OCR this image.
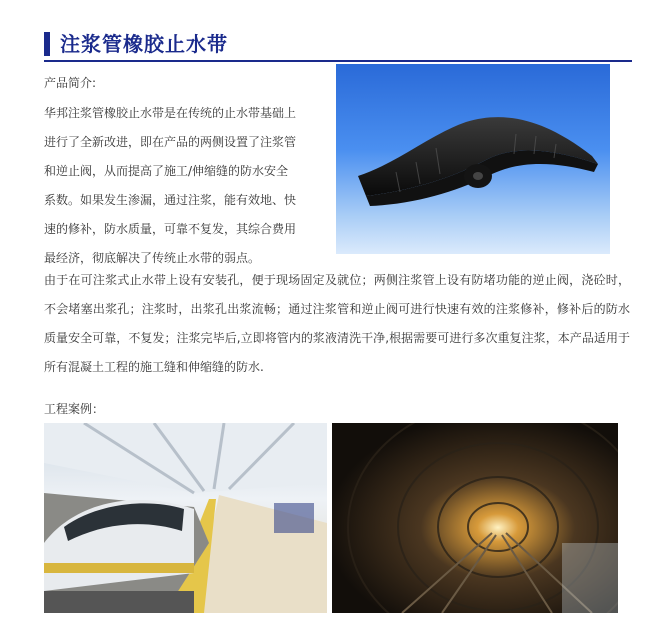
注浆管橡胶止水带
产品简介:
华邦注浆管橡胶止水带是在传统的止水带基础上
进行了全新改进，即在产品的两侧设置了注浆管
和逆止阀，从而提高了施工/伸缩缝的防水安全
系数。如果发生渗漏，通过注浆，能有效地、快
速的修补，防水质量，可靠不复发，其综合费用
最经济，彻底解决了传统止水带的弱点。
由于在可注浆式止水带上设有安装孔，便于现场固定及就位；两侧注浆管上设有防堵功能的逆止阀，浇砼时，不会堵塞出浆孔；注浆时，出浆孔出浆流畅；通过注浆管和逆止阀可进行快速有效的注浆修补，修补后的防水质量安全可靠，不复发；注浆完毕后,立即将管内的浆液清洗干净,根据需要可进行多次重复注浆，本产品适用于所有混凝土工程的施工缝和伸缩缝的防水.
工程案例：
